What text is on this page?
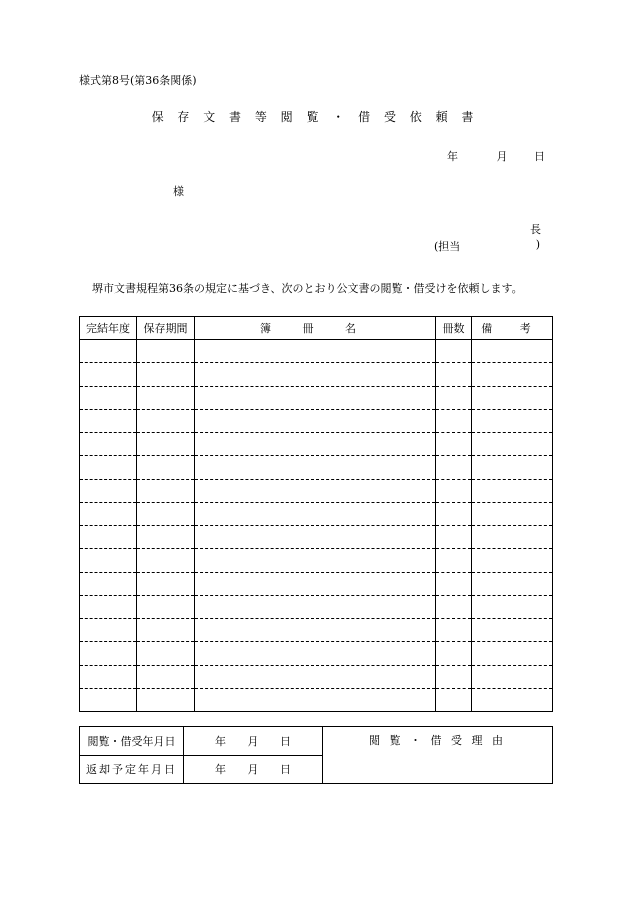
様式第8号(第36条関係)
保 存 文 書 等 閲 覧 ・ 借 受 依 頼 書
年	月 日
様
長
(担当	)
堺市文書規程第36条の規定に基づき、次のとおり公文書の閲覧・借受けを依頼します。
完結年度	保存期間	簿 冊 名	冊数	備 考

閲覧・借受年月日	年 月 日	閲 覧 ・ 借 受 理 由
返却予定年月日	年 月 日	
